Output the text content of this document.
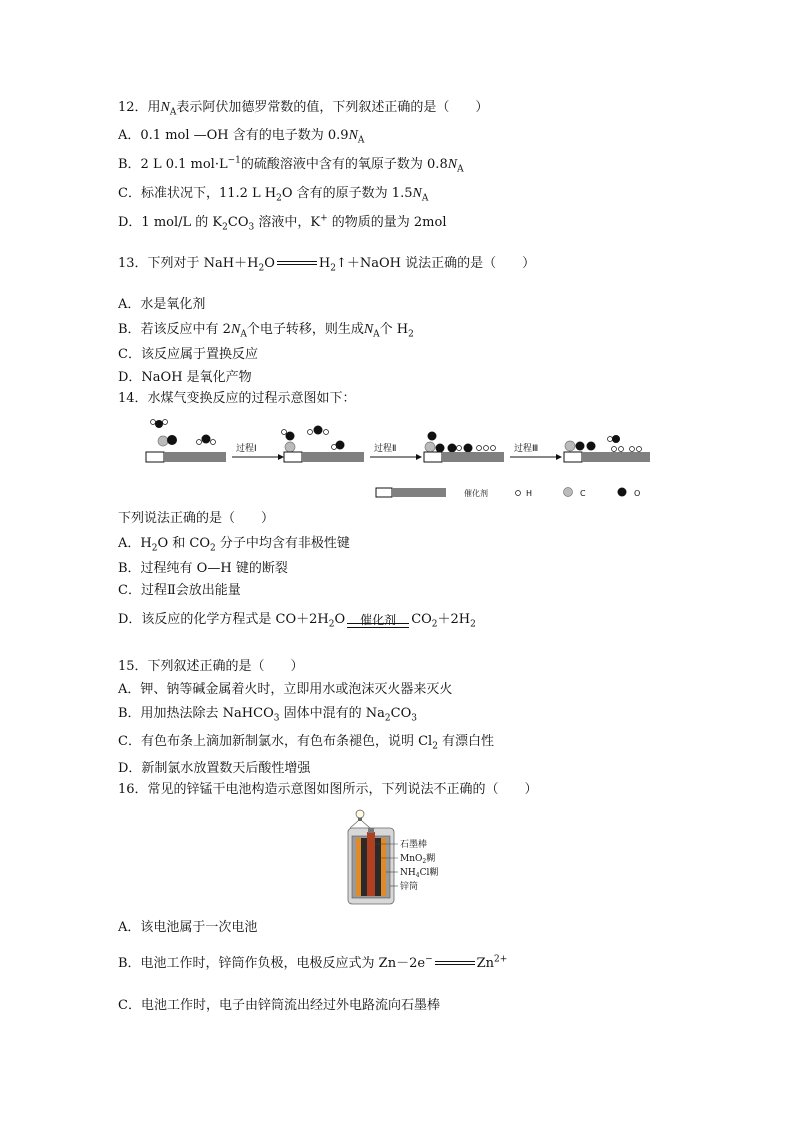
12．用$N_A$表示阿伏加德罗常数的值，下列叙述正确的是（　　）
A．0.1 mol —OH 含有的电子数为 $0.9N_A$
B．2 L 0.1 $mol\cdot L^{-1}$的硫酸溶液中含有的氧原子数为 $0.8N_A$
C．标准状况下，11.2 L $H_2O$ 含有的原子数为 $1.5N_A$
D．1 mol/L 的 $K_2CO_3$ 溶液中，K+ 的物质的量为 2mol
13．下列对于 $NaH+H_2O$	$H_2↑+NaOH$ 说法正确的是（　　）
A．水是氧化剂
B．若该反应中有 $2N_A$个电子转移，则生成$N_A$个 $H_2$
C．该反应属于置换反应
D．NaOH 是氧化产物
14．水煤气变换反应的过程示意图如下：
过程Ⅰ	过程Ⅱ	过程Ⅲ
催化剂	H	C	O
下列说法正确的是（　　）
A．$H_2O$ 和 $CO_2$ 分子中均含有非极性键
B．过程纯有 O—H 键的断裂
C．过程Ⅱ会放出能量
D．该反应的化学方程式是 $CO+2H_2O$	催化剂	$CO_2+2H_2$
15．下列叙述正确的是（　　）
A．钾、钠等碱金属着火时，立即用水或泡沫灭火器来灭火
B．用加热法除去 NaHCO$_3$ 固体中混有的 $Na_2CO_3$
C．有色布条上滴加新制氯水，有色布条褪色，说明 $Cl_2$ 有漂白性
D．新制氯水放置数天后酸性增强
16．常见的锌锰干电池构造示意图如图所示，下列说法不正确的（　　）
石墨棒
MnO$_2$糊
$NH_4Cl$糊
锌筒
A．该电池属于一次电池
B．电池工作时，锌筒作负极，电极反应式为 Zn－2e−	$Zn^{2+}$
C．电池工作时，电子由锌筒流出经过外电路流向石墨棒
